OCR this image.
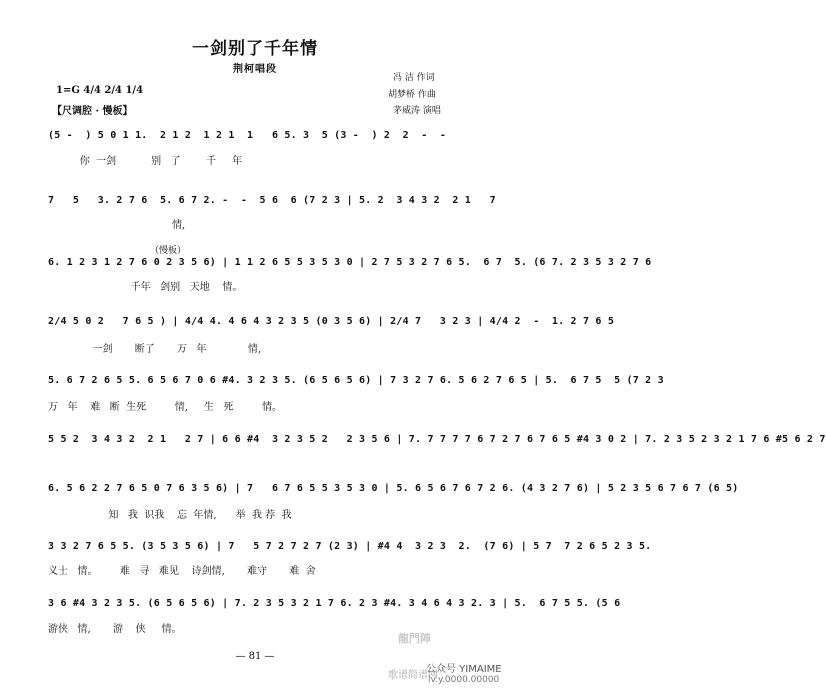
一剑别了千年情
荆柯唱段
冯 洁 作词
胡梦桥 作曲
茅威涛 演唱
1=G 4/4 2/4 1/4
【尺调腔 · 慢板】
（慢板）
(5 -  ) 5 0 1 1.  2 1 2  1 2 1  1   6 5. 3  5 (3 -  ) 2  2  -  -
你  一剑           别   了        千     年
7   5   3. 2 7 6  5. 6 7 2. -  -  5 6  6 (7 2 3 | 5. 2  3 4 3 2  2 1   7
情,
6. 1 2 3 1 2 7 6 0 2 3 5 6) | 1 1 2 6 5 5 3 5 3 0 | 2 7 5 3 2 7 6 5.  6 7  5. (6 7. 2 3 5 3 2 7 6
千年   剑别   天地    情。
2/4 5 0 2   7 6 5 ) | 4/4 4. 4 6 4 3 2 3 5 (0 3 5 6) | 2/4 7   3 2 3 | 4/4 2  -  1. 2 7 6 5
一剑       断了       万   年             情,
5. 6 7 2 6 5 5. 6 5 6 7 0 6 #4. 3 2 3 5. (6 5 6 5 6) | 7 3 2 7 6. 5 6 2 7 6 5 | 5.  6 7 5  5 (7 2 3
万   年    难   断  生死         情,     生   死         情。
5 5 2  3 4 3 2  2 1   2 7 | 6 6 #4  3 2 3 5 2   2 3 5 6 | 7. 7 7 7 7 6 7 2 7 6 7 6 5 #4 3 0 2 | 7. 2 3 5 2 3 2 1 7 6 #5 6 2 7
6. 5 6 2 2 7 6 5 0 7 6 3 5 6) | 7   6 7 6 5 5 3 5 3 0 | 5. 6 5 6 7 6 7 2 6. (4 3 2 7 6) | 5 2 3 5 6 7 6 7 (6 5)
知   我  识我    忘  年情,      举  我 荐  我
3 3 2 7 6 5 5. (3 5 3 5 6) | 7   5 7 2 7 2 7 (2 3) | #4 4  3 2 3  2.  (7 6) | 5 7  7 2 6 5 2 3 5.
义士   情。       难   寻   难见    诗剑情,       难守       难  舍
3 6 #4 3 2 3 5. (6 5 6 5 6) | 7. 2 3 5 3 2 1 7 6. 2 3 #4. 3 4 6 4 3 2. 3 | 5.  6 7 5 5. (5 6
游侠   情,       游    侠     情。
— 81 —
龍門陣
歌谱简谱网
公众号 YIMAIME
lv.y.0000.00000
